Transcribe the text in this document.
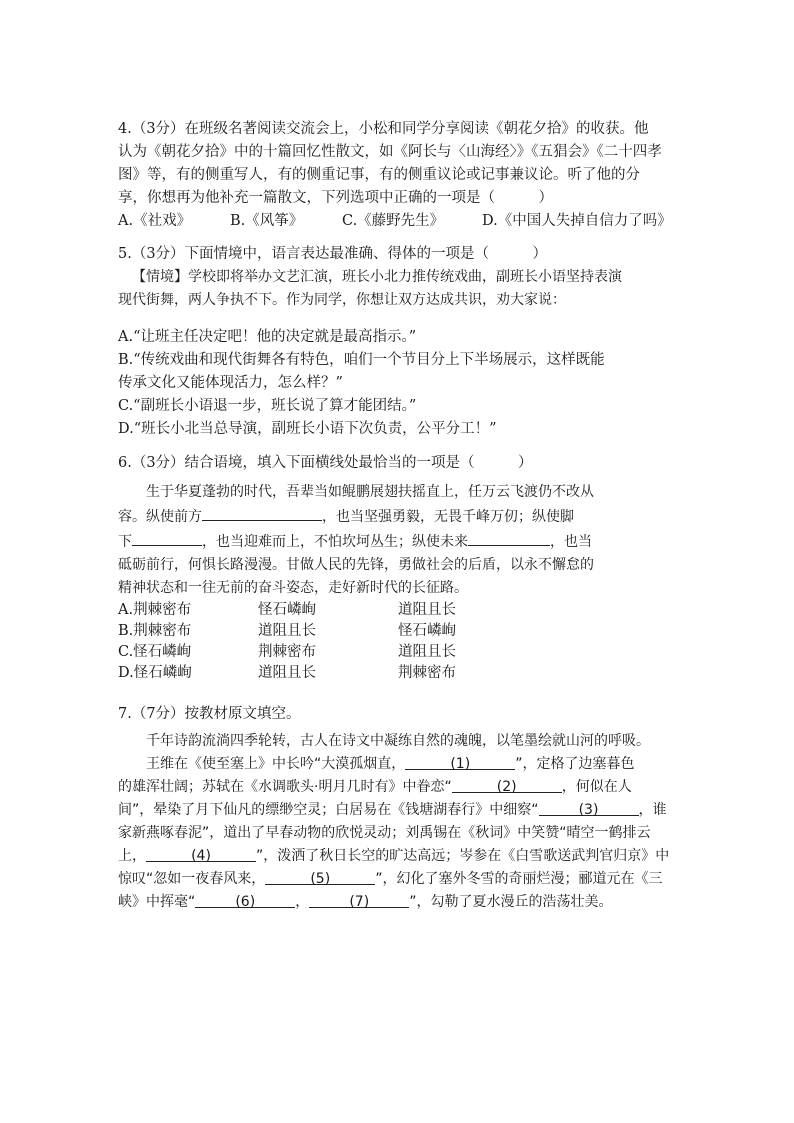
4.（3分）在班级名著阅读交流会上，小松和同学分享阅读《朝花夕拾》的收获。他
认为《朝花夕拾》中的十篇回忆性散文，如《阿长与〈山海经〉》《五猖会》《二十四孝
图》等，有的侧重写人，有的侧重记事，有的侧重议论或记事兼议论。听了他的分
享，你想再为他补充一篇散文，下列选项中正确的一项是（　　　）
A.《社戏》	B.《风筝》	C.《藤野先生》	D.《中国人失掉自信力了吗》
5.（3分）下面情境中，语言表达最准确、得体的一项是（　　　）
【情境】学校即将举办文艺汇演，班长小北力推传统戏曲，副班长小语坚持表演
现代街舞，两人争执不下。作为同学，你想让双方达成共识，劝大家说：
A.“让班主任决定吧！他的决定就是最高指示。”
B.“传统戏曲和现代街舞各有特色，咱们一个节目分上下半场展示，这样既能
传承文化又能体现活力，怎么样？”
C.“副班长小语退一步，班长说了算才能团结。”
D.“班长小北当总导演，副班长小语下次负责，公平分工！”
6.（3分）结合语境，填入下面横线处最恰当的一项是（　　　）
生于华夏蓬勃的时代，吾辈当如鲲鹏展翅扶摇直上，任万云飞渡仍不改从
容。纵使前方	，也当坚强勇毅，无畏千峰万仞；纵使脚
下	，也当迎难而上，不怕坎坷丛生；纵使未来	，也当
砥砺前行，何惧长路漫漫。甘做人民的先锋，勇做社会的后盾，以永不懈怠的
精神状态和一往无前的奋斗姿态，走好新时代的长征路。
A.荆棘密布	怪石嶙峋	道阻且长
B.荆棘密布	道阻且长	怪石嶙峋
C.怪石嶙峋	荆棘密布	道阻且长
D.怪石嶙峋	道阻且长	荆棘密布
7.（7分）按教材原文填空。
千年诗韵流淌四季轮转，古人在诗文中凝练自然的魂魄，以笔墨绘就山河的呼吸。
王维在《使至塞上》中长吟“大漠孤烟直，	(1)	”，定格了边塞暮色
的雄浑壮阔；苏轼在《水调歌头·明月几时有》中眷恋“	(2)	，何似在人
间”，晕染了月下仙凡的缥缈空灵；白居易在《钱塘湖春行》中细察“	(3)	，谁
家新燕啄春泥”，道出了早春动物的欣悦灵动；刘禹锡在《秋词》中笑赞“晴空一鹤排云
上，	(4)	”，泼洒了秋日长空的旷达高远；岑参在《白雪歌送武判官归京》中
惊叹“忽如一夜春风来，	(5)	”，幻化了塞外冬雪的奇丽烂漫；郦道元在《三
峡》中挥毫“	(6)	，	(7)	”，勾勒了夏水漫丘的浩荡壮美。
